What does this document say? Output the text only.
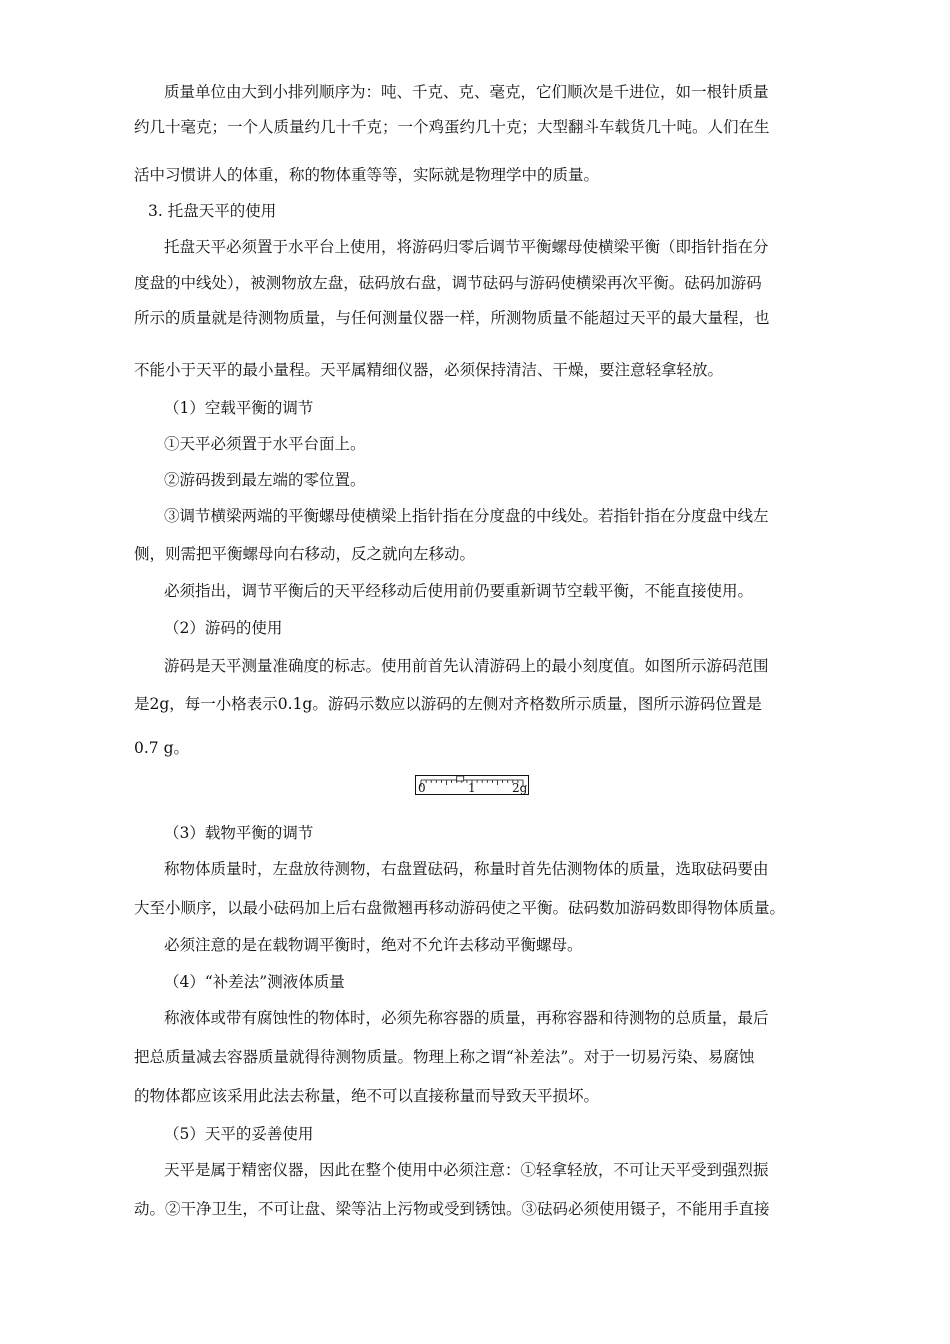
质量单位由大到小排列顺序为：吨、千克、克、毫克，它们顺次是千进位，如一根针质量
约几十毫克；一个人质量约几十千克；一个鸡蛋约几十克；大型翻斗车载货几十吨。人们在生
活中习惯讲人的体重，称的物体重等等，实际就是物理学中的质量。
3. 托盘天平的使用
托盘天平必须置于水平台上使用，将游码归零后调节平衡螺母使横梁平衡（即指针指在分
度盘的中线处），被测物放左盘，砝码放右盘，调节砝码与游码使横梁再次平衡。砝码加游码
所示的质量就是待测物质量，与任何测量仪器一样，所测物质量不能超过天平的最大量程，也
不能小于天平的最小量程。天平属精细仪器，必须保持清洁、干燥，要注意轻拿轻放。
（1）空载平衡的调节
①天平必须置于水平台面上。
②游码拨到最左端的零位置。
③调节横梁两端的平衡螺母使横梁上指针指在分度盘的中线处。若指针指在分度盘中线左
侧，则需把平衡螺母向右移动，反之就向左移动。
必须指出，调节平衡后的天平经移动后使用前仍要重新调节空载平衡，不能直接使用。
（2）游码的使用
游码是天平测量准确度的标志。使用前首先认清游码上的最小刻度值。如图所示游码范围
是2g，每一小格表示0.1g。游码示数应以游码的左侧对齐格数所示质量，图所示游码位置是
0.7 g。
0	1	2g
（3）载物平衡的调节
称物体质量时，左盘放待测物，右盘置砝码，称量时首先估测物体的质量，选取砝码要由
大至小顺序，以最小砝码加上后右盘微翘再移动游码使之平衡。砝码数加游码数即得物体质量。
必须注意的是在载物调平衡时，绝对不允许去移动平衡螺母。
（4）“补差法”测液体质量
称液体或带有腐蚀性的物体时，必须先称容器的质量，再称容器和待测物的总质量，最后
把总质量减去容器质量就得待测物质量。物理上称之谓“补差法”。对于一切易污染、易腐蚀
的物体都应该采用此法去称量，绝不可以直接称量而导致天平损坏。
（5）天平的妥善使用
天平是属于精密仪器，因此在整个使用中必须注意：①轻拿轻放，不可让天平受到强烈振
动。②干净卫生，不可让盘、梁等沾上污物或受到锈蚀。③砝码必须使用镊子，不能用手直接
